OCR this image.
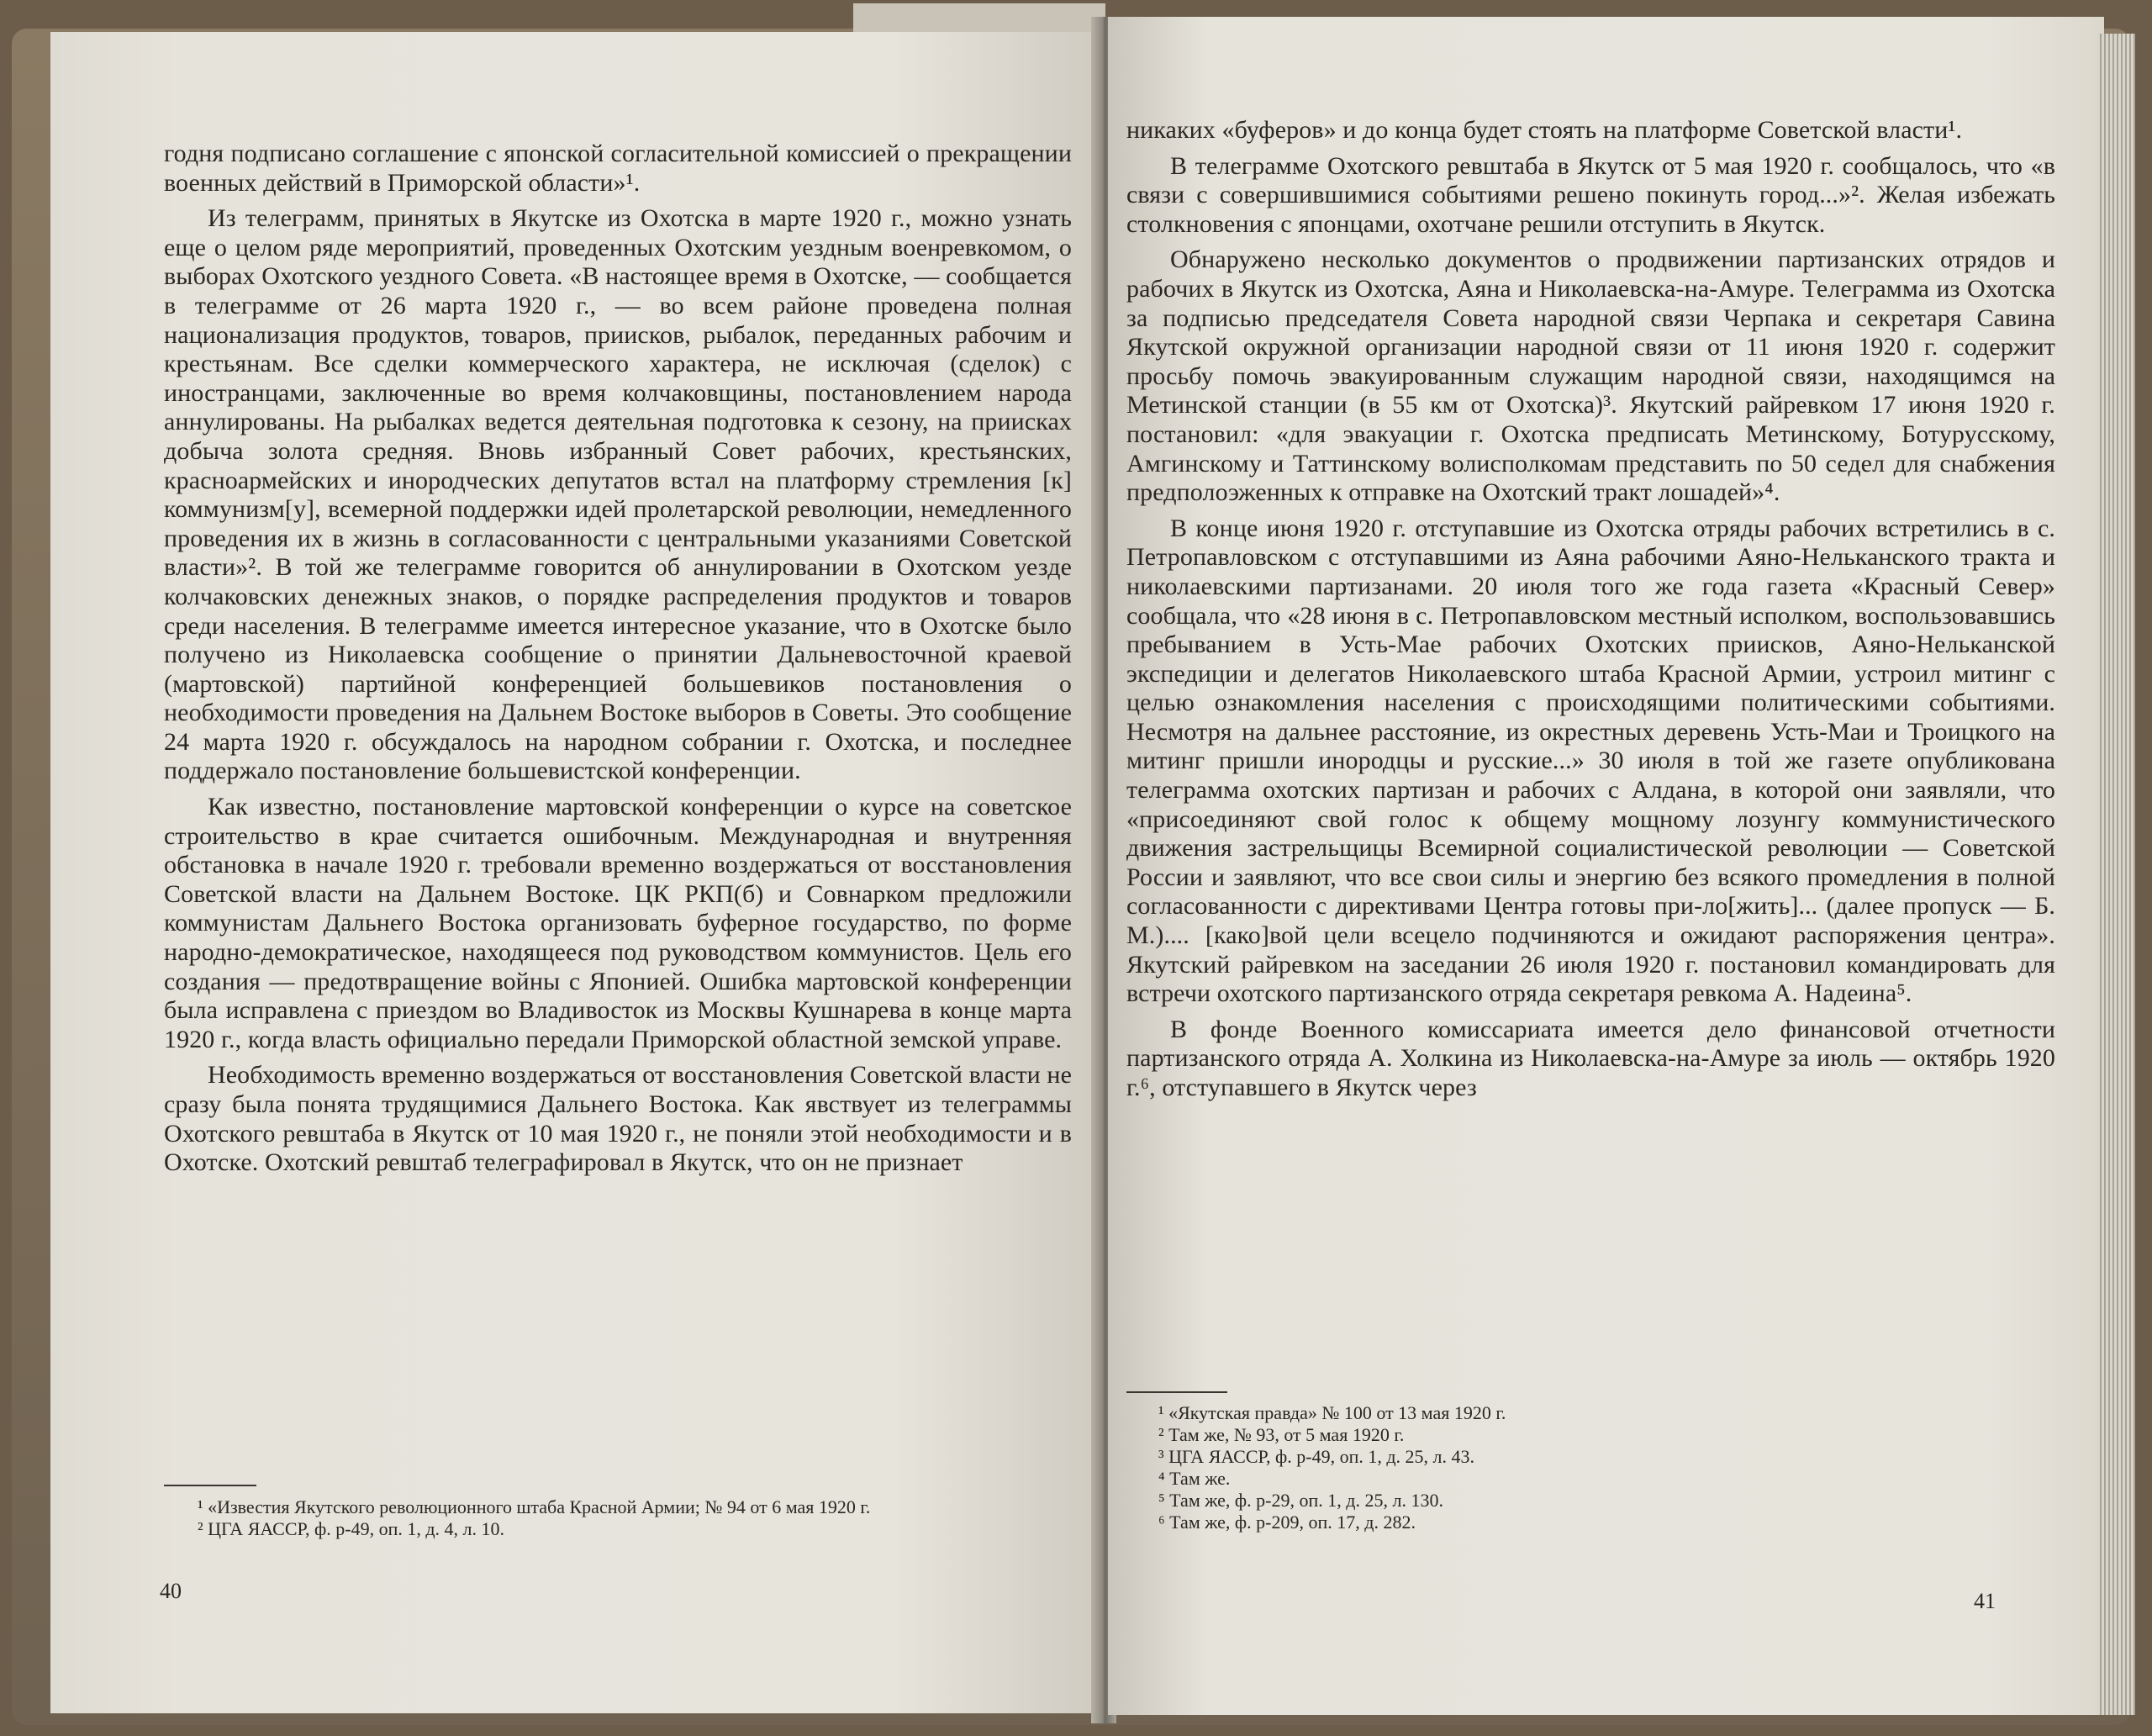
годня подписано соглашение с японской согласительной комиссией о прекращении военных действий в Приморской области»¹.

Из телеграмм, принятых в Якутске из Охотска в марте 1920 г., можно узнать еще о целом ряде мероприятий, проведенных Охотским уездным военревкомом, о выборах Охотского уездного Совета. «В настоящее время в Охотске, — сообщается в телеграмме от 26 марта 1920 г., — во всем районе проведена полная национализация продуктов, товаров, приисков, рыбалок, переданных рабочим и крестьянам. Все сделки коммерческого характера, не исключая (сделок) с иностранцами, заключенные во время колчаковщины, постановлением народа аннулированы. На рыбалках ведется деятельная подготовка к сезону, на приисках добыча золота средняя. Вновь избранный Совет рабочих, крестьянских, красноармейских и инородческих депутатов встал на платформу стремления [к] коммунизм[у], всемерной поддержки идей пролетарской революции, немедленного проведения их в жизнь в согласованности с центральными указаниями Советской власти»². В той же телеграмме говорится об аннулировании в Охотском уезде колчаковских денежных знаков, о порядке распределения продуктов и товаров среди населения. В телеграмме имеется интересное указание, что в Охотске было получено из Николаевска сообщение о принятии Дальневосточной краевой (мартовской) партийной конференцией большевиков постановления о необходимости проведения на Дальнем Востоке выборов в Советы. Это сообщение 24 марта 1920 г. обсуждалось на народном собрании г. Охотска, и последнее поддержало постановление большевистской конференции.

Как известно, постановление мартовской конференции о курсе на советское строительство в крае считается ошибочным. Международная и внутренняя обстановка в начале 1920 г. требовали временно воздержаться от восстановления Советской власти на Дальнем Востоке. ЦК РКП(б) и Совнарком предложили коммунистам Дальнего Востока организовать буферное государство, по форме народно-демократическое, находящееся под руководством коммунистов. Цель его создания — предотвращение войны с Японией. Ошибка мартовской конференции была исправлена с приездом во Владивосток из Москвы Кушнарева в конце марта 1920 г., когда власть официально передали Приморской областной земской управе.

Необходимость временно воздержаться от восстановления Советской власти не сразу была понята трудящимися Дальнего Востока. Как явствует из телеграммы Охотского ревштаба в Якутск от 10 мая 1920 г., не поняли этой необходимости и в Охотске. Охотский ревштаб телеграфировал в Якутск, что он не признает

¹ «Известия Якутского революционного штаба Красной Армии; № 94 от 6 мая 1920 г.
² ЦГА ЯАССР, ф. р-49, оп. 1, д. 4, л. 10.
40

никаких «буферов» и до конца будет стоять на платформе Советской власти¹.

В телеграмме Охотского ревштаба в Якутск от 5 мая 1920 г. сообщалось, что «в связи с совершившимися событиями решено покинуть город...»². Желая избежать столкновения с японцами, охотчане решили отступить в Якутск.

Обнаружено несколько документов о продвижении партизанских отрядов и рабочих в Якутск из Охотска, Аяна и Николаевска-на-Амуре. Телеграмма из Охотска за подписью председателя Совета народной связи Черпака и секретаря Савина Якутской окружной организации народной связи от 11 июня 1920 г. содержит просьбу помочь эвакуированным служащим народной связи, находящимся на Метинской станции (в 55 км от Охотска)³. Якутский райревком 17 июня 1920 г. постановил: «для эвакуации г. Охотска предписать Метинскому, Ботурусскому, Амгинскому и Таттинскому волисполкомам представить по 50 седел для снабжения предполоэженных к отправке на Охотский тракт лошадей»⁴.

В конце июня 1920 г. отступавшие из Охотска отряды рабочих встретились в с. Петропавловском с отступавшими из Аяна рабочими Аяно-Нельканского тракта и николаевскими партизанами. 20 июля того же года газета «Красный Север» сообщала, что «28 июня в с. Петропавловском местный исполком, воспользовавшись пребыванием в Усть-Мае рабочих Охотских приисков, Аяно-Нельканской экспедиции и делегатов Николаевского штаба Красной Армии, устроил митинг с целью ознакомления населения с происходящими политическими событиями. Несмотря на дальнее расстояние, из окрестных деревень Усть-Маи и Троицкого на митинг пришли инородцы и русские...» 30 июля в той же газете опубликована телеграмма охотских партизан и рабочих с Алдана, в которой они заявляли, что «присоединяют свой голос к общему мощному лозунгу коммунистического движения застрельщицы Всемирной социалистической революции — Советской России и заявляют, что все свои силы и энергию без всякого промедления в полной согласованности с директивами Центра готовы при-ло[жить]... (далее пропуск — Б. М.).... [како]вой цели всецело подчиняются и ожидают распоряжения центра». Якутский райревком на заседании 26 июля 1920 г. постановил командировать для встречи охотского партизанского отряда секретаря ревкома А. Надеина⁵.

В фонде Военного комиссариата имеется дело финансовой отчетности партизанского отряда А. Холкина из Николаевска-на-Амуре за июль — октябрь 1920 г.⁶, отступавшего в Якутск через

¹ «Якутская правда» № 100 от 13 мая 1920 г.
² Там же, № 93, от 5 мая 1920 г.
³ ЦГА ЯАССР, ф. р-49, оп. 1, д. 25, л. 43.
⁴ Там же.
⁵ Там же, ф. р-29, оп. 1, д. 25, л. 130.
⁶ Там же, ф. р-209, оп. 17, д. 282.
41
